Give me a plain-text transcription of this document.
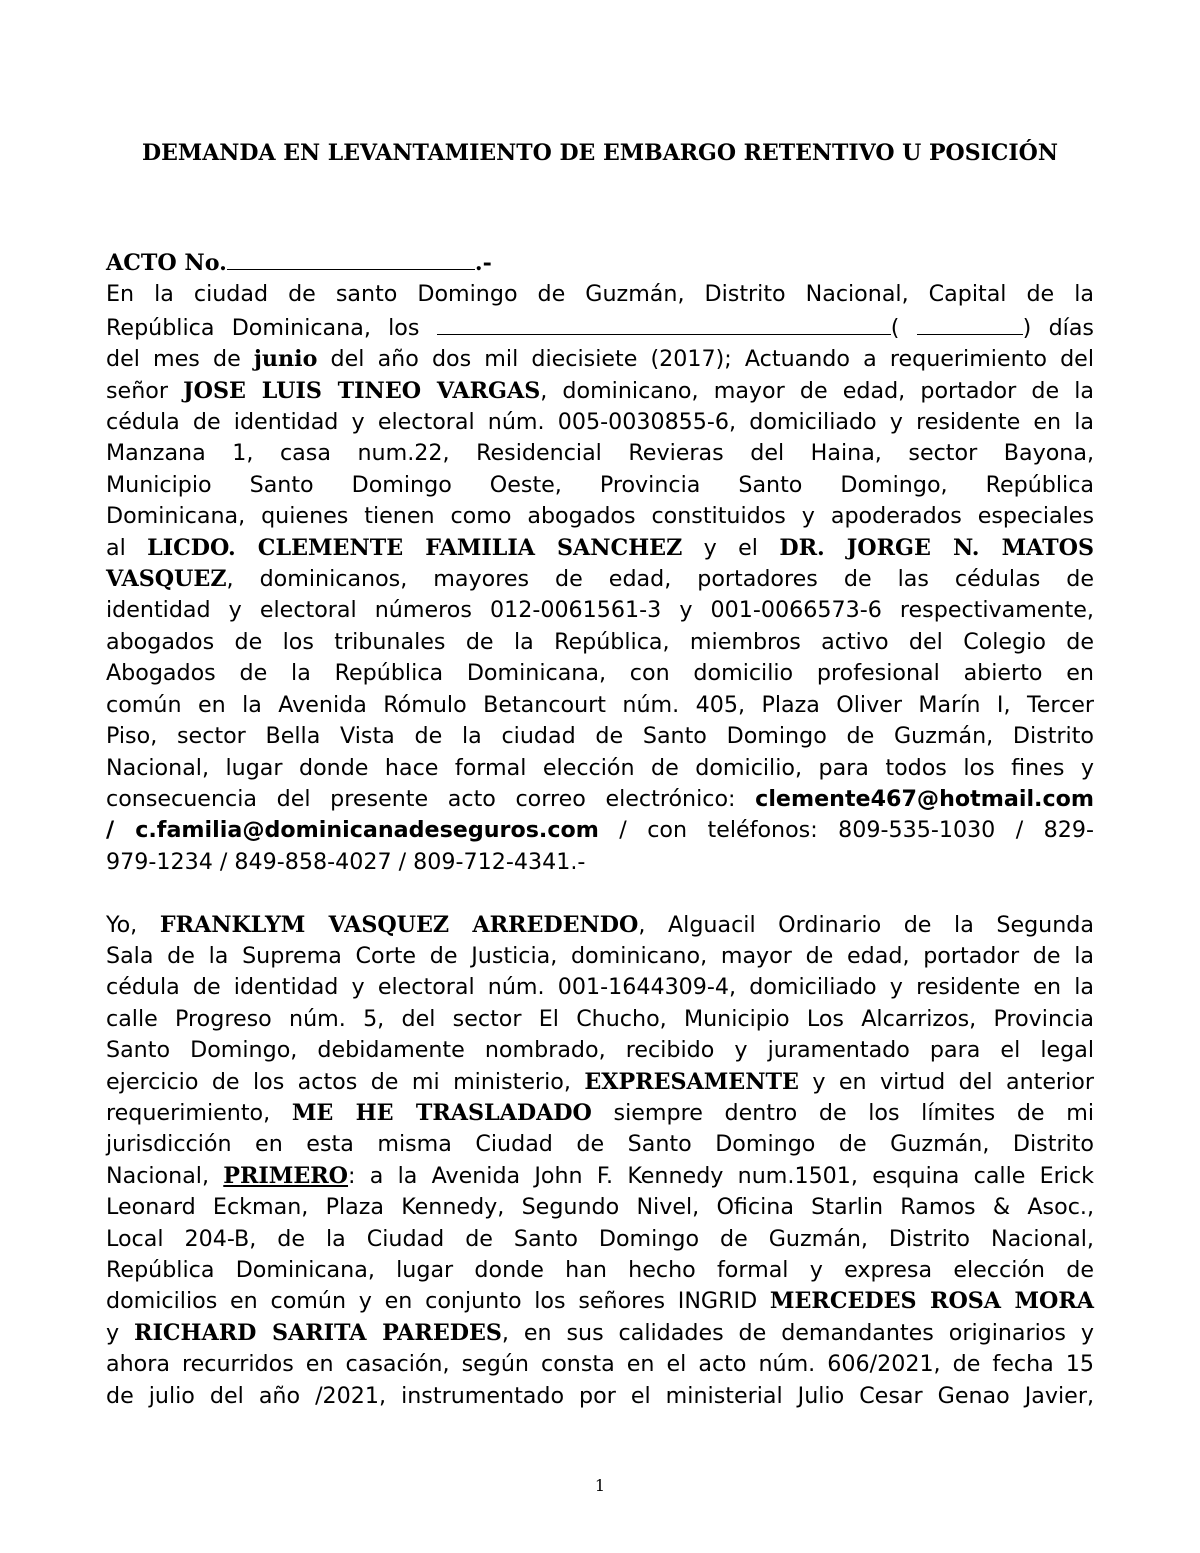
DEMANDA EN LEVANTAMIENTO DE EMBARGO RETENTIVO U POSICIÓN
ACTO No.	.-
En la ciudad de santo Domingo de Guzmán, Distrito Nacional, Capital de la
República Dominicana, los	(	) días
del mes de junio del año dos mil diecisiete (2017); Actuando a requerimiento del
señor JOSE LUIS TINEO VARGAS, dominicano, mayor de edad, portador de la
cédula de identidad y electoral núm. 005-0030855-6, domiciliado y residente en la
Manzana 1, casa num.22, Residencial Revieras del Haina, sector Bayona,
Municipio Santo Domingo Oeste, Provincia Santo Domingo, República
Dominicana, quienes tienen como abogados constituidos y apoderados especiales
al LICDO. CLEMENTE FAMILIA SANCHEZ y el DR. JORGE N. MATOS
VASQUEZ, dominicanos, mayores de edad, portadores de las cédulas de
identidad y electoral números 012-0061561-3 y 001-0066573-6 respectivamente,
abogados de los tribunales de la República, miembros activo del Colegio de
Abogados de la República Dominicana, con domicilio profesional abierto en
común en la Avenida Rómulo Betancourt núm. 405, Plaza Oliver Marín I, Tercer
Piso, sector Bella Vista de la ciudad de Santo Domingo de Guzmán, Distrito
Nacional, lugar donde hace formal elección de domicilio, para todos los fines y
consecuencia del presente acto correo electrónico: clemente467@hotmail.com
/ c.familia@dominicanadeseguros.com / con teléfonos: 809-535-1030 / 829-
979-1234 / 849-858-4027 / 809-712-4341.-
Yo, FRANKLYM VASQUEZ ARREDENDO, Alguacil Ordinario de la Segunda
Sala de la Suprema Corte de Justicia, dominicano, mayor de edad, portador de la
cédula de identidad y electoral núm. 001-1644309-4, domiciliado y residente en la
calle Progreso núm. 5, del sector El Chucho, Municipio Los Alcarrizos, Provincia
Santo Domingo, debidamente nombrado, recibido y juramentado para el legal
ejercicio de los actos de mi ministerio, EXPRESAMENTE y en virtud del anterior
requerimiento, ME HE TRASLADADO siempre dentro de los límites de mi
jurisdicción en esta misma Ciudad de Santo Domingo de Guzmán, Distrito
Nacional, PRIMERO: a la Avenida John F. Kennedy num.1501, esquina calle Erick
Leonard Eckman, Plaza Kennedy, Segundo Nivel, Oficina Starlin Ramos & Asoc.,
Local 204-B, de la Ciudad de Santo Domingo de Guzmán, Distrito Nacional,
República Dominicana, lugar donde han hecho formal y expresa elección de
domicilios en común y en conjunto los señores INGRID MERCEDES ROSA MORA
y RICHARD SARITA PAREDES, en sus calidades de demandantes originarios y
ahora recurridos en casación, según consta en el acto núm. 606/2021, de fecha 15
de julio del año /2021, instrumentado por el ministerial Julio Cesar Genao Javier,
1
